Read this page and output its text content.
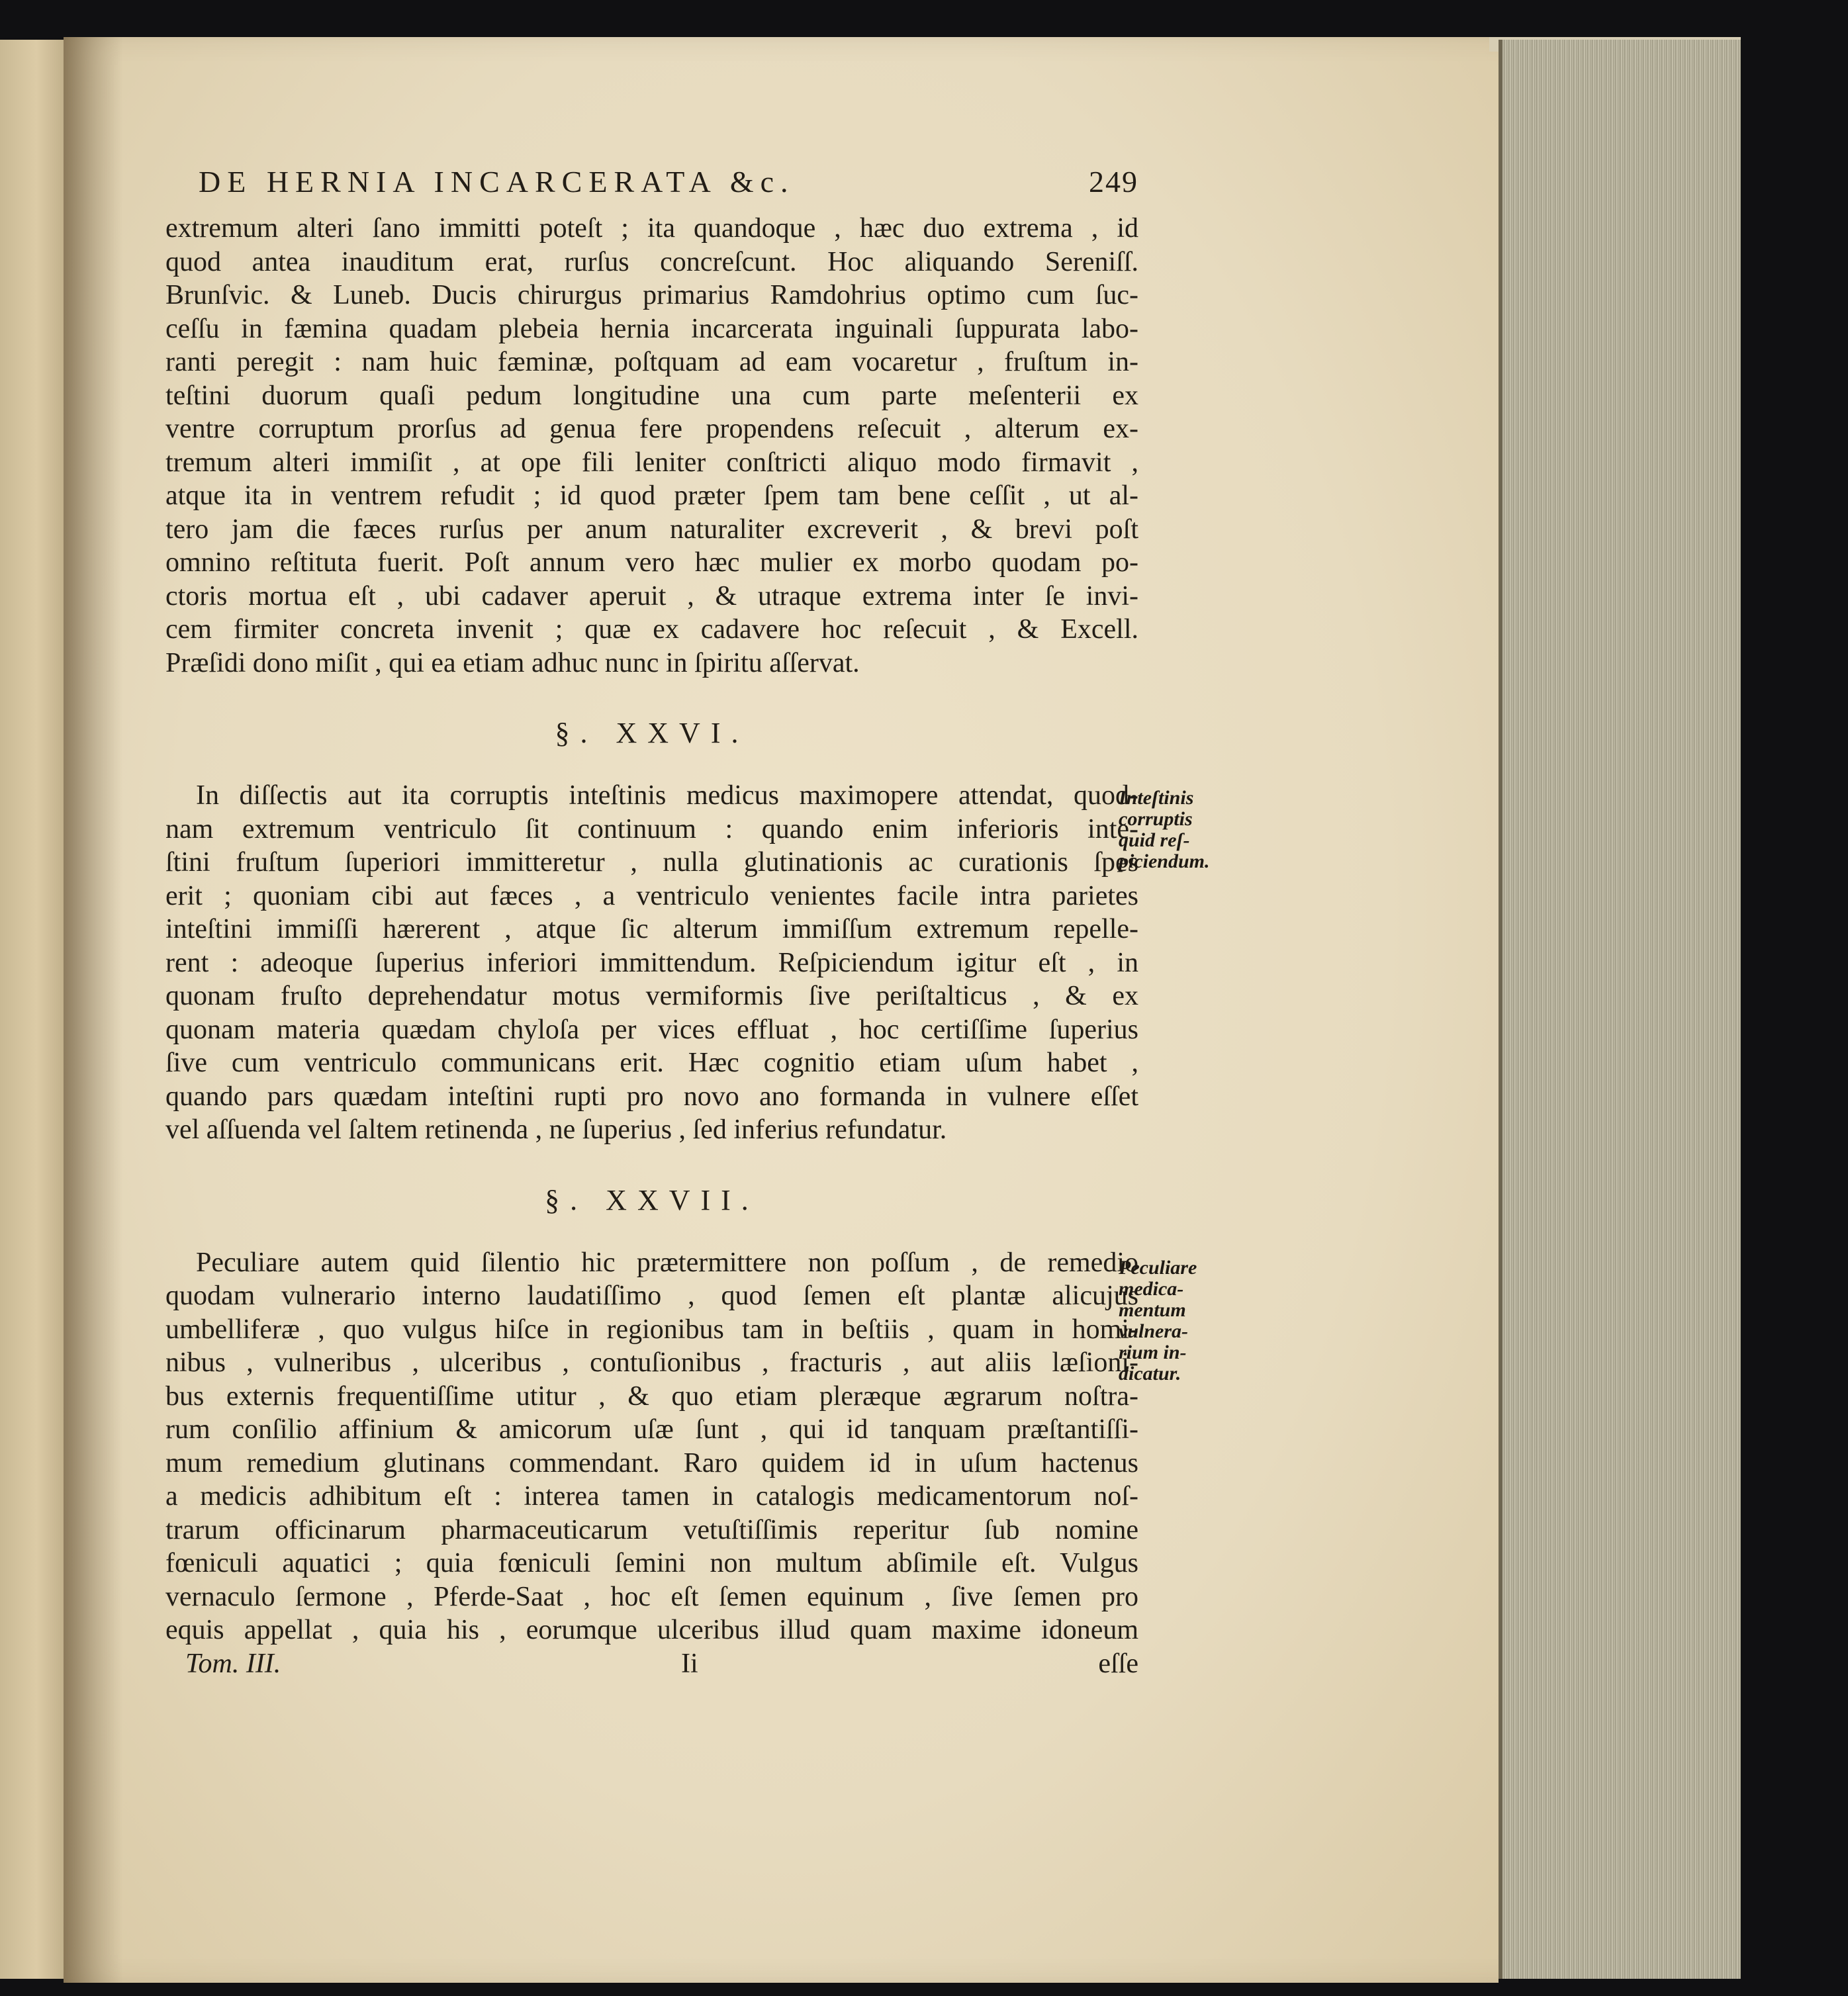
DE HERNIA INCARCERATA &c.	249
extremum alteri ſano immitti poteſt ; ita quandoque , hæc duo extrema , id
quod antea inauditum erat, rurſus concreſcunt. Hoc aliquando Sereniſſ.
Brunſvic. & Luneb. Ducis chirurgus primarius Ramdohrius optimo cum ſuc-
ceſſu in fæmina quadam plebeia hernia incarcerata inguinali ſuppurata labo-
ranti peregit : nam huic fæminæ, poſtquam ad eam vocaretur , fruſtum in-
teſtini duorum quaſi pedum longitudine una cum parte meſenterii ex
ventre corruptum prorſus ad genua fere propendens reſecuit , alterum ex-
tremum alteri immiſit , at ope fili leniter conſtricti aliquo modo firmavit ,
atque ita in ventrem refudit ; id quod præter ſpem tam bene ceſſit , ut al-
tero jam die fæces rurſus per anum naturaliter excreverit , & brevi poſt
omnino reſtituta fuerit. Poſt annum vero hæc mulier ex morbo quodam po-
ctoris mortua eſt , ubi cadaver aperuit , & utraque extrema inter ſe invi-
cem firmiter concreta invenit ; quæ ex cadavere hoc reſecuit , & Excell.
Præſidi dono miſit , qui ea etiam adhuc nunc in ſpiritu aſſervat.
§. XXVI.
In diſſectis aut ita corruptis inteſtinis medicus maximopere attendat, quod-
nam extremum ventriculo ſit continuum : quando enim inferioris inte-
ſtini fruſtum ſuperiori immitteretur , nulla glutinationis ac curationis ſpes
erit ; quoniam cibi aut fæces , a ventriculo venientes facile intra parietes
inteſtini immiſſi hærerent , atque ſic alterum immiſſum extremum repelle-
rent : adeoque ſuperius inferiori immittendum. Reſpiciendum igitur eſt , in
quonam fruſto deprehendatur motus vermiformis ſive periſtalticus , & ex
quonam materia quædam chyloſa per vices effluat , hoc certiſſime ſuperius
ſive cum ventriculo communicans erit. Hæc cognitio etiam uſum habet ,
quando pars quædam inteſtini rupti pro novo ano formanda in vulnere eſſet
vel aſſuenda vel ſaltem retinenda , ne ſuperius , ſed inferius refundatur.
§. XXVII.
Peculiare autem quid ſilentio hic prætermittere non poſſum , de remedio
quodam vulnerario interno laudatiſſimo , quod ſemen eſt plantæ alicujus
umbelliferæ , quo vulgus hiſce in regionibus tam in beſtiis , quam in homi-
nibus , vulneribus , ulceribus , contuſionibus , fracturis , aut aliis læſioni-
bus externis frequentiſſime utitur , & quo etiam pleræque ægrarum noſtra-
rum conſilio affinium & amicorum uſæ ſunt , qui id tanquam præſtantiſſi-
mum remedium glutinans commendant. Raro quidem id in uſum hactenus
a medicis adhibitum eſt : interea tamen in catalogis medicamentorum noſ-
trarum officinarum pharmaceuticarum vetuſtiſſimis reperitur ſub nomine
fœniculi aquatici ; quia fœniculi ſemini non multum abſimile eſt. Vulgus
vernaculo ſermone , Pferde-Saat , hoc eſt ſemen equinum , ſive ſemen pro
equis appellat , quia his , eorumque ulceribus illud quam maxime idoneum
Tom. III.	Ii	eſſe
Inteſtinis
corruptis
quid reſ-
piciendum.
Peculiare
medica-
mentum
vulnera-
rium in-
dicatur.
